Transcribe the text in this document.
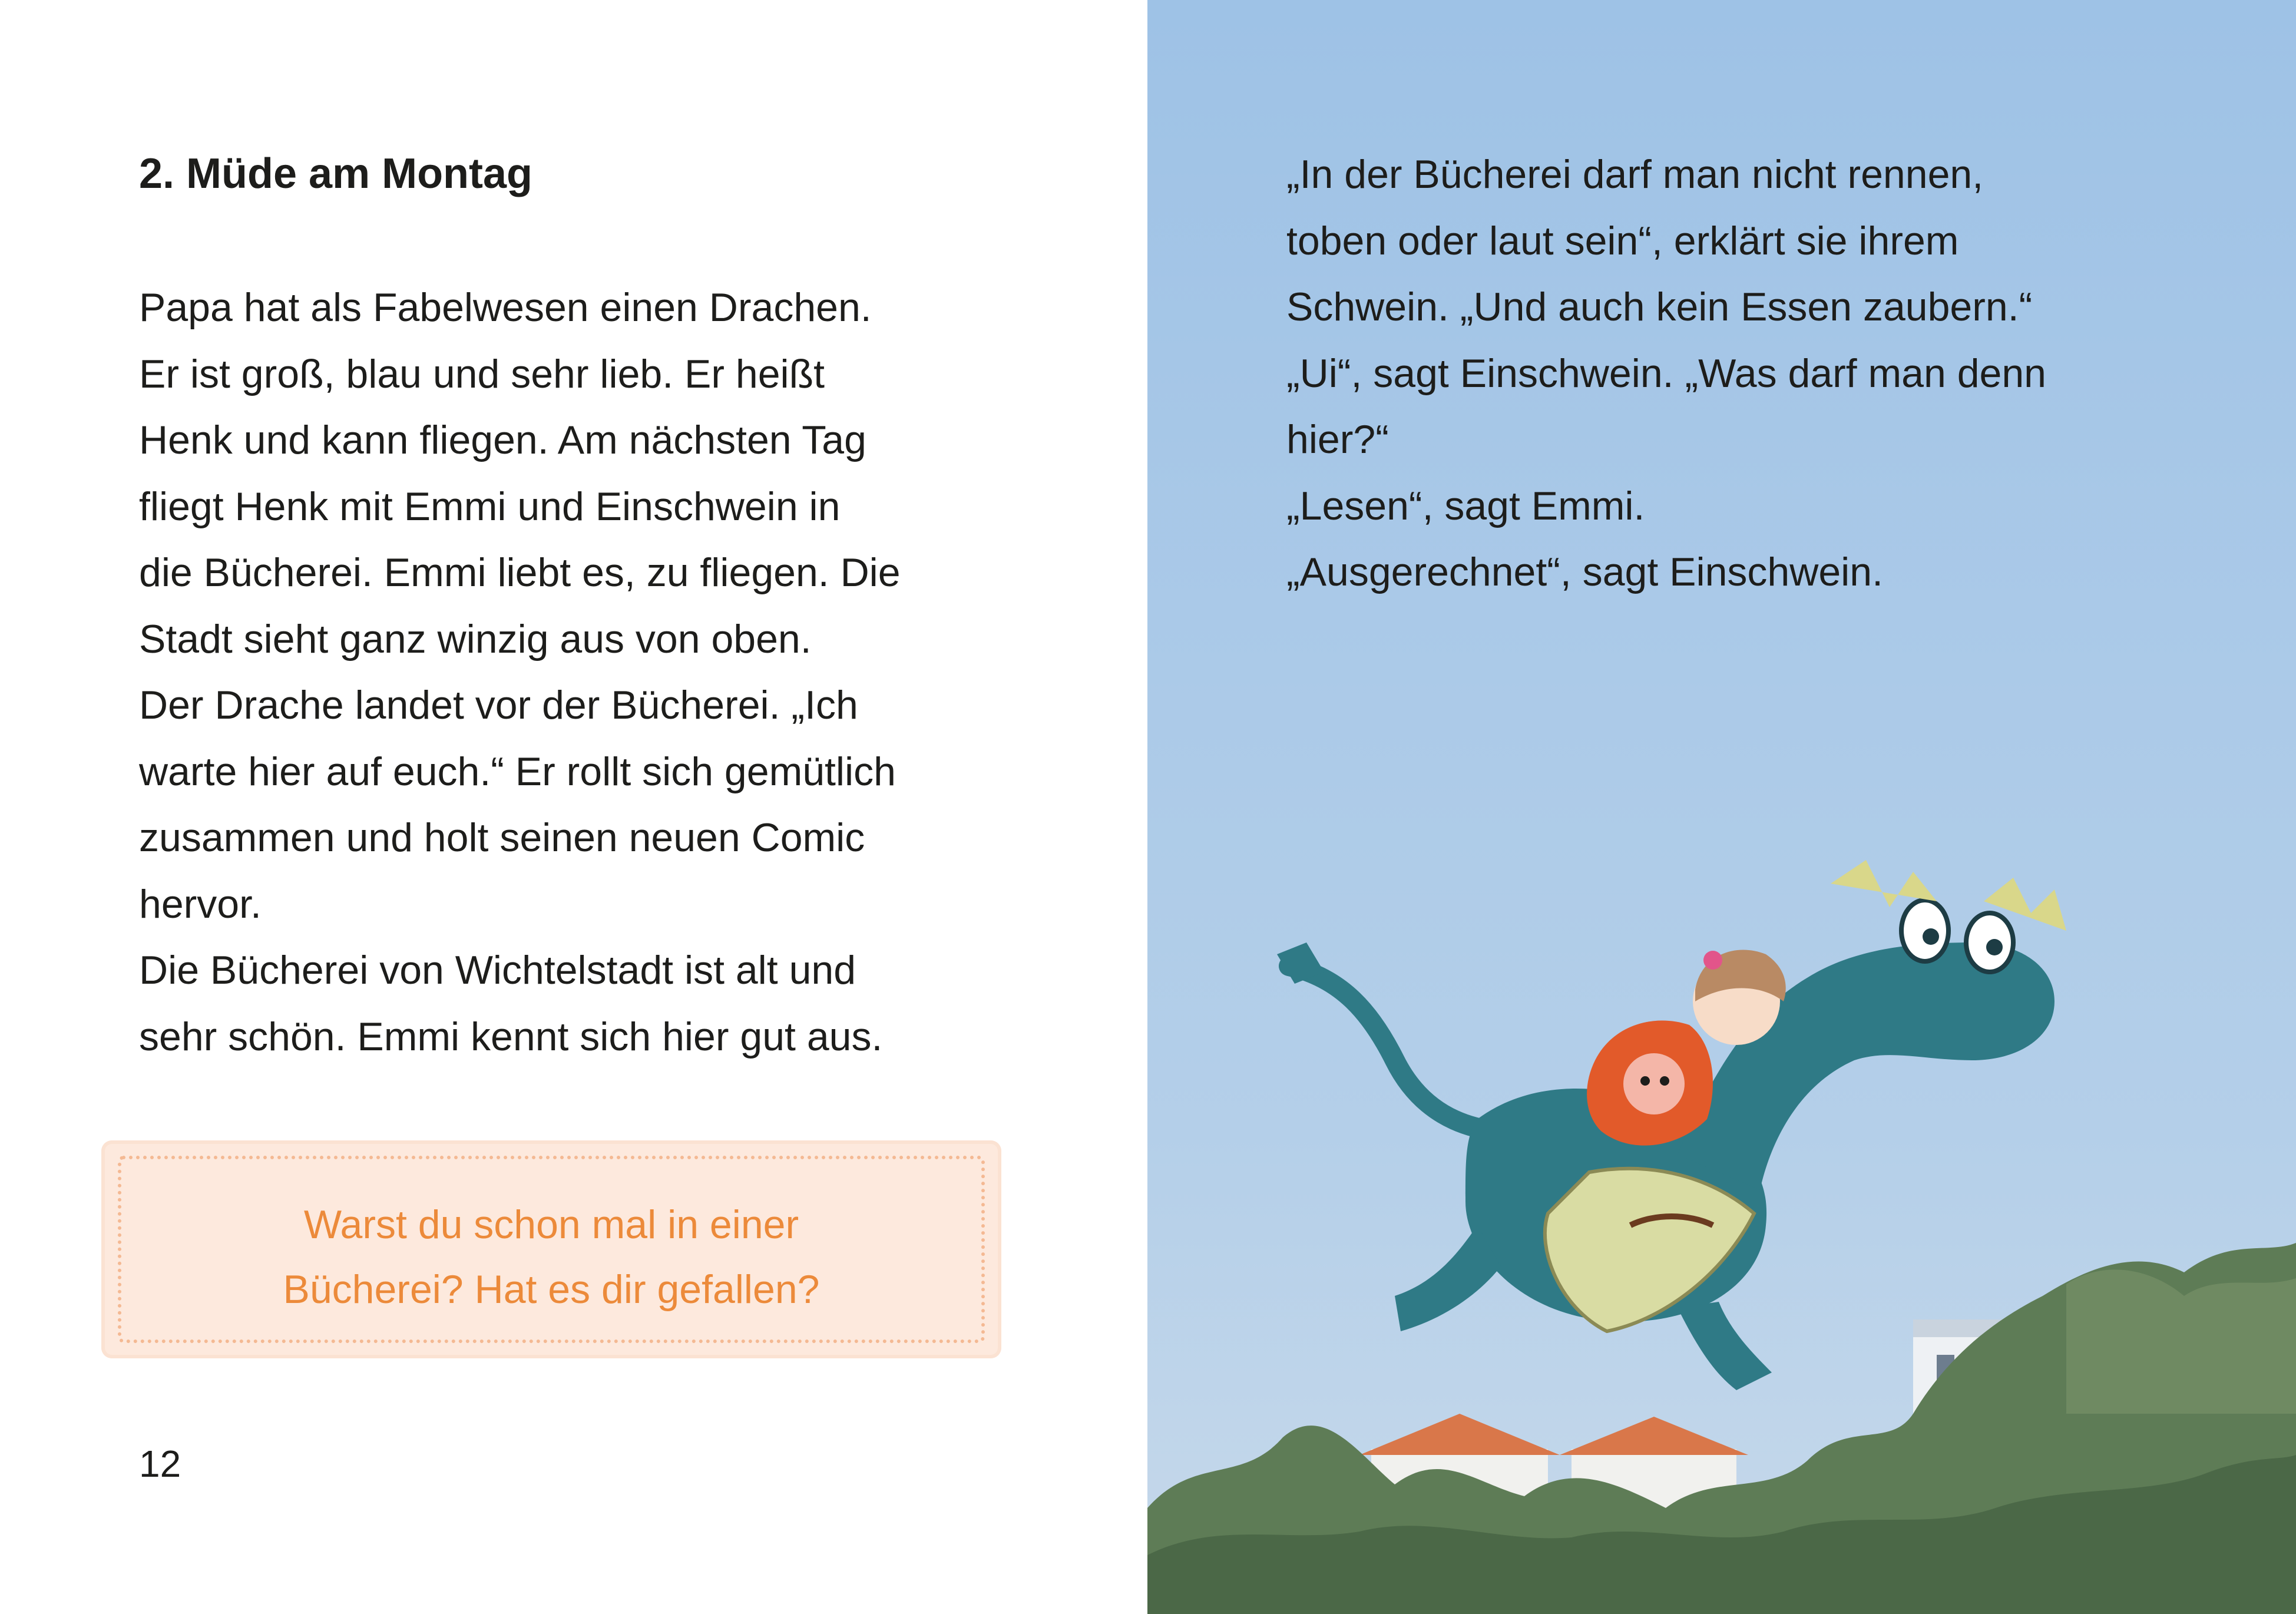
2. Müde am Montag
Papa hat als Fabelwesen einen Drachen.
Er ist groß, blau und sehr lieb. Er heißt
Henk und kann fliegen. Am nächsten Tag
fliegt Henk mit Emmi und Einschwein in
die Bücherei. Emmi liebt es, zu fliegen. Die
Stadt sieht ganz winzig aus von oben.
Der Drache landet vor der Bücherei. „Ich
warte hier auf euch.“ Er rollt sich gemütlich
zusammen und holt seinen neuen Comic
hervor.
Die Bücherei von Wichtelstadt ist alt und
sehr schön. Emmi kennt sich hier gut aus.
Warst du schon mal in einer
Bücherei? Hat es dir gefallen?
12
„In der Bücherei darf man nicht rennen,
toben oder laut sein“, erklärt sie ihrem
Schwein. „Und auch kein Essen zaubern.“
„Ui“, sagt Einschwein. „Was darf man denn
hier?“
„Lesen“, sagt Emmi.
„Ausgerechnet“, sagt Einschwein.
